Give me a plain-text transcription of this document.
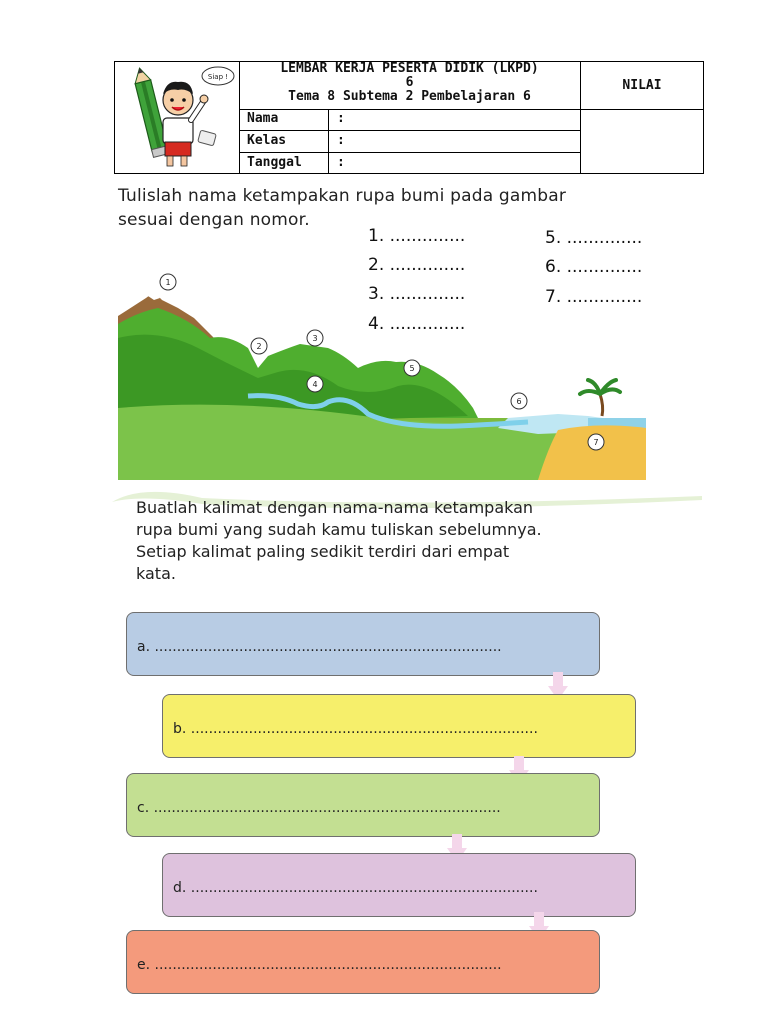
Siap !
LEMBAR KERJA PESERTA DIDIK (LKPD)
6
Tema 8 Subtema 2 Pembelajaran 6
NILAI
Nama	:
Kelas	:
Tanggal	:
Tulislah nama ketampakan rupa bumi pada gambar
sesuai dengan nomor.
1. ..............
2. ..............
3. ..............
4. ..............
5. ..............
6. ..............
7. ..............
1
2
3
4
5
6
7
Buatlah kalimat dengan nama-nama ketampakan
rupa bumi yang sudah kamu tuliskan sebelumnya.
Setiap kalimat paling sedikit terdiri dari empat
kata.
a. ..............................................................................
b. ..............................................................................
c. ..............................................................................
d. ..............................................................................
e. ..............................................................................
